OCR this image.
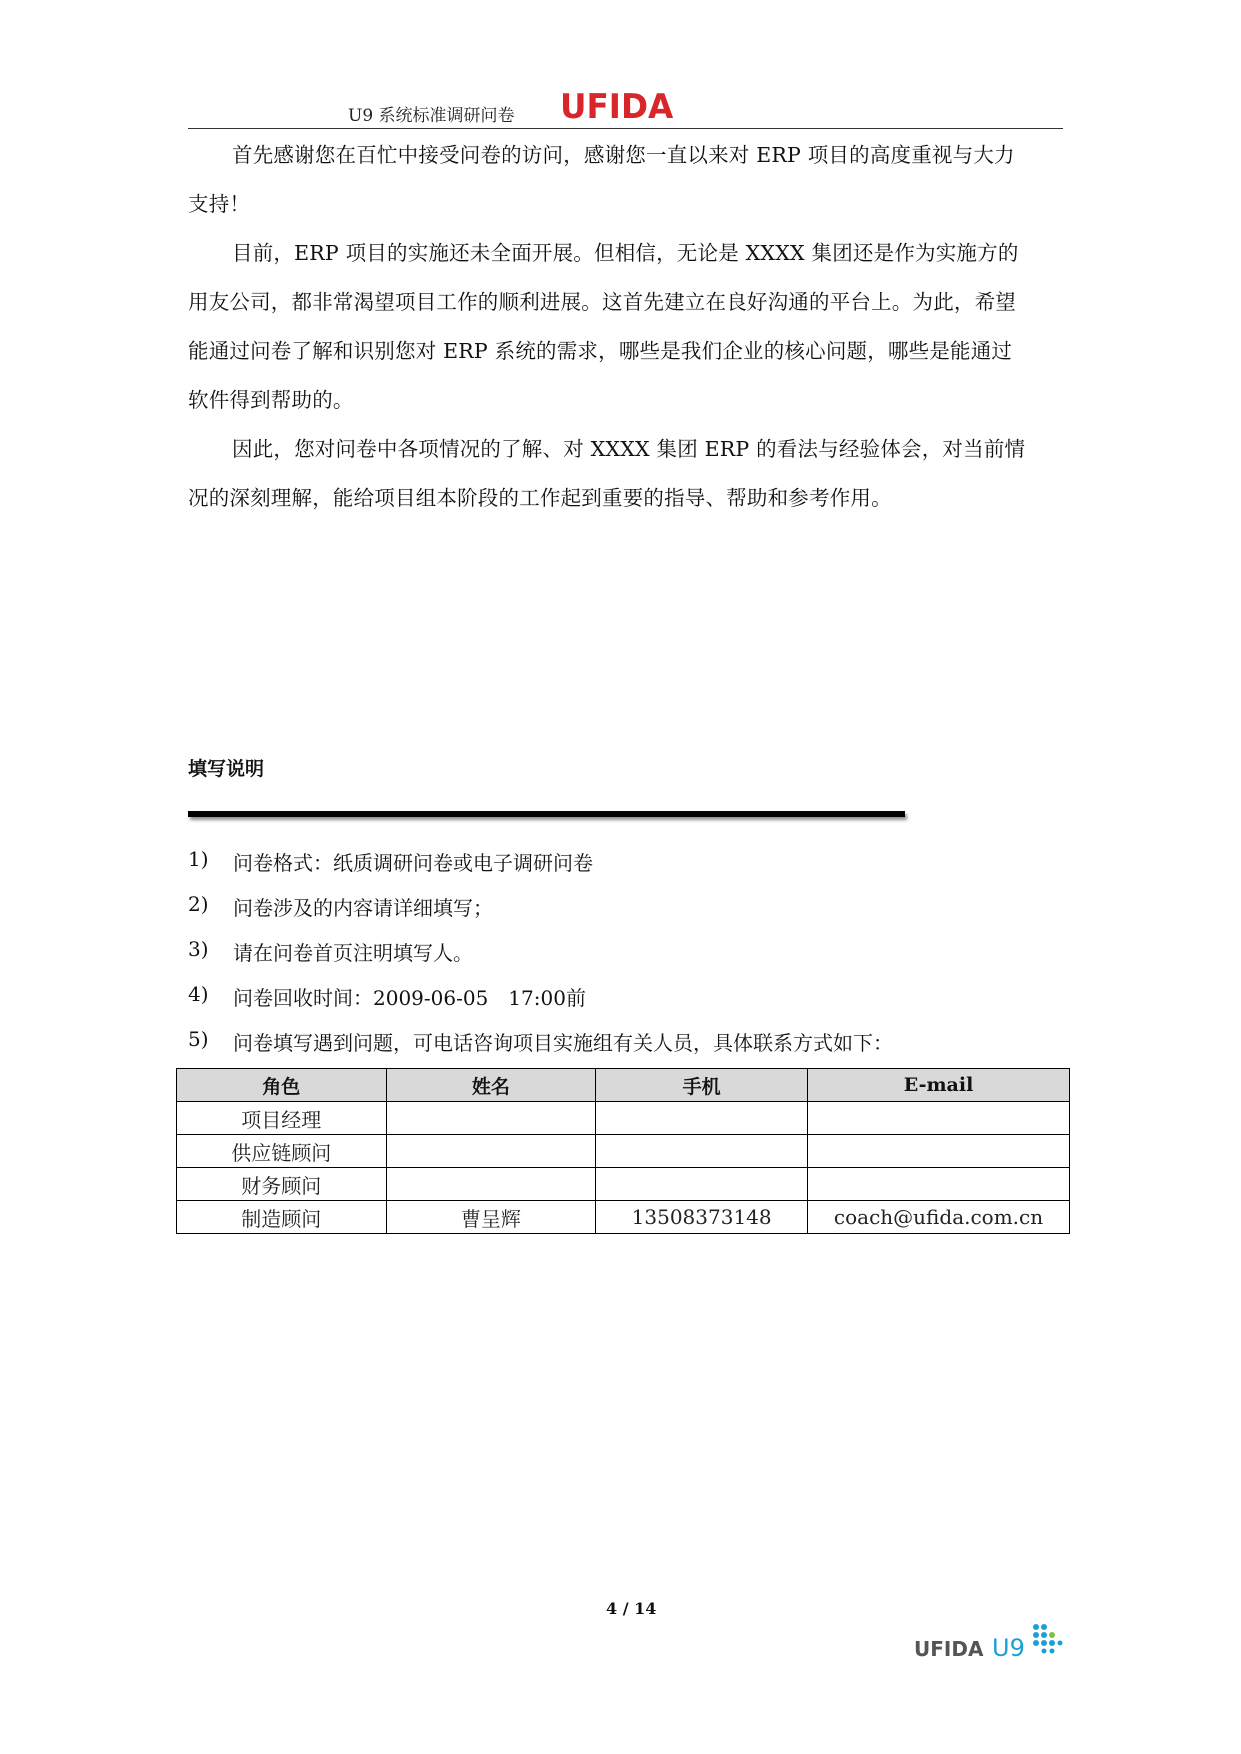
U9 系统标准调研问卷 UFIDA

首先感谢您在百忙中接受问卷的访问，感谢您一直以来对 ERP 项目的高度重视与大力

支持！

目前，ERP 项目的实施还未全面开展。但相信，无论是 XXXX 集团还是作为实施方的

用友公司，都非常渴望项目工作的顺利进展。这首先建立在良好沟通的平台上。为此，希望

能通过问卷了解和识别您对 ERP 系统的需求，哪些是我们企业的核心问题，哪些是能通过

软件得到帮助的。

因此，您对问卷中各项情况的了解、对 XXXX 集团 ERP 的看法与经验体会，对当前情

况的深刻理解，能给项目组本阶段的工作起到重要的指导、帮助和参考作用。

填写说明
1) 问卷格式：纸质调研问卷或电子调研问卷
2) 问卷涉及的内容请详细填写；
3) 请在问卷首页注明填写人。
4) 问卷回收时间：2009-06-05　17:00前
5) 问卷填写遇到问题，可电话咨询项目实施组有关人员，具体联系方式如下：
角色	姓名	手机	E-mail
项目经理			
供应链顾问			
财务顾问			
制造顾问	曹呈辉	13508373148	coach@ufida.com.cn
4 / 14
UFIDA U9
